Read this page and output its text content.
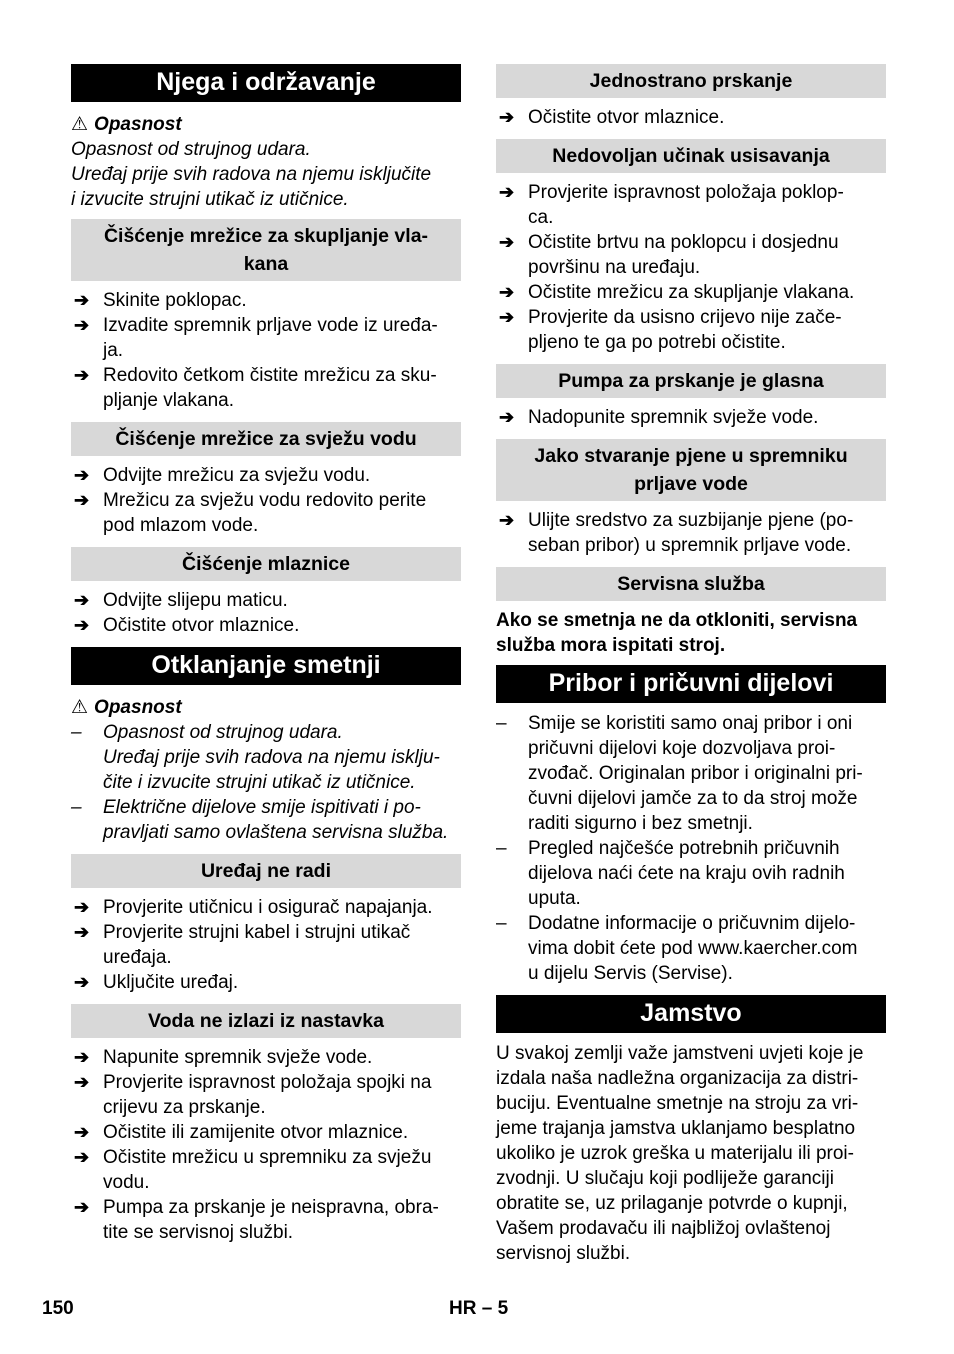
Njega i održavanje
⚠ Opasnost
Opasnost od strujnog udara.
Uređaj prije svih radova na njemu isključite
i izvucite strujni utikač iz utičnice.
Čišćenje mrežice za skupljanje vla-
kana
➔ Skinite poklopac.
➔ Izvadite spremnik prljave vode iz uređa-
ja.
➔ Redovito četkom čistite mrežicu za sku-
pljanje vlakana.
Čišćenje mrežice za svježu vodu
➔ Odvijte mrežicu za svježu vodu.
➔ Mrežicu za svježu vodu redovito perite
pod mlazom vode.
Čišćenje mlaznice
➔ Odvijte slijepu maticu.
➔ Očistite otvor mlaznice.
Otklanjanje smetnji
⚠ Opasnost
– Opasnost od strujnog udara.
Uređaj prije svih radova na njemu isklju-
čite i izvucite strujni utikač iz utičnice.
– Električne dijelove smije ispitivati i po-
pravljati samo ovlaštena servisna služba.
Uređaj ne radi
➔ Provjerite utičnicu i osigurač napajanja.
➔ Provjerite strujni kabel i strujni utikač
uređaja.
➔ Uključite uređaj.
Voda ne izlazi iz nastavka
➔ Napunite spremnik svježe vode.
➔ Provjerite ispravnost položaja spojki na
crijevu za prskanje.
➔ Očistite ili zamijenite otvor mlaznice.
➔ Očistite mrežicu u spremniku za svježu
vodu.
➔ Pumpa za prskanje je neispravna, obra-
tite se servisnoj službi.
Jednostrano prskanje
➔ Očistite otvor mlaznice.
Nedovoljan učinak usisavanja
➔ Provjerite ispravnost položaja poklop-
ca.
➔ Očistite brtvu na poklopcu i dosjednu
površinu na uređaju.
➔ Očistite mrežicu za skupljanje vlakana.
➔ Provjerite da usisno crijevo nije zače-
pljeno te ga po potrebi očistite.
Pumpa za prskanje je glasna
➔ Nadopunite spremnik svježe vode.
Jako stvaranje pjene u spremniku
prljave vode
➔ Ulijte sredstvo za suzbijanje pjene (po-
seban pribor) u spremnik prljave vode.
Servisna služba
Ako se smetnja ne da otkloniti, servisna
služba mora ispitati stroj.
Pribor i pričuvni dijelovi
– Smije se koristiti samo onaj pribor i oni
pričuvni dijelovi koje dozvoljava proi-
zvođač. Originalan pribor i originalni pri-
čuvni dijelovi jamče za to da stroj može
raditi sigurno i bez smetnji.
– Pregled najčešće potrebnih pričuvnih
dijelova naći ćete na kraju ovih radnih
uputa.
– Dodatne informacije o pričuvnim dijelo-
vima dobit ćete pod www.kaercher.com
u dijelu Servis (Servise).
Jamstvo
U svakoj zemlji važe jamstveni uvjeti koje je
izdala naša nadležna organizacija za distri-
buciju. Eventualne smetnje na stroju za vri-
jeme trajanja jamstva uklanjamo besplatno
ukoliko je uzrok greška u materijalu ili proi-
zvodnji. U slučaju koji podliježe garanciji
obratite se, uz prilaganje potvrde o kupnji,
Vašem prodavaču ili najbližoj ovlaštenoj
servisnoj službi.
150	HR – 5
